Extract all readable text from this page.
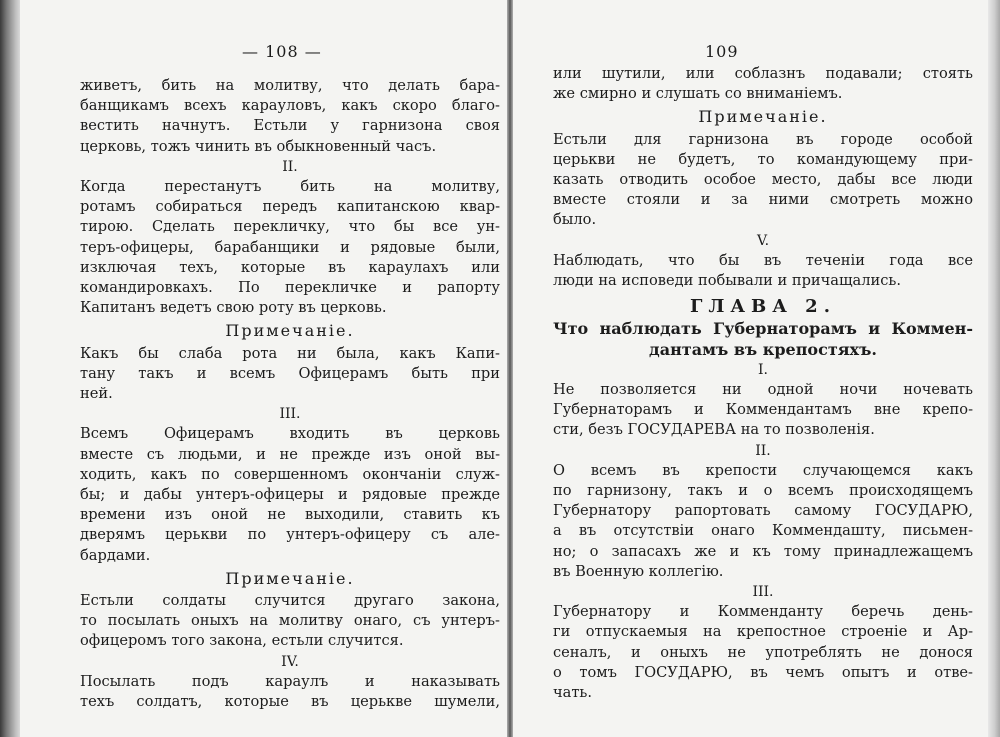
— 108 —
живетъ, бить на молитву, что делать бара-
банщикамъ всехъ карауловъ, какъ скоро благо-
вестить начнутъ. Естьли у гарнизона своя
церковь, тожъ чинить въ обыкновенный часъ.
II.
Когда перестанутъ бить на молитву,
ротамъ собираться передъ капитанскою квар-
тирою. Сделать перекличку, что бы все ун-
теръ-офицеры, барабанщики и рядовые были,
изключая техъ, которые въ караулахъ или
командировкахъ. По перекличке и рапорту
Капитанъ ведетъ свою роту въ церковь.
Примечаніе.
Какъ бы слаба рота ни была, какъ Капи-
тану такъ и всемъ Офицерамъ быть при
ней.
III.
Всемъ Офицерамъ входить въ церковь
вместе съ людьми, и не прежде изъ оной вы-
ходить, какъ по совершенномъ окончаніи служ-
бы; и дабы унтеръ-офицеры и рядовые прежде
времени изъ оной не выходили, ставить къ
дверямъ церькви по унтеръ-офицеру съ але-
бардами.
Примечаніе.
Естьли солдаты случится другаго закона,
то посылать оныхъ на молитву онаго, съ унтеръ-
офицеромъ того закона, естьли случится.
IV.
Посылать подъ караулъ и наказывать
техъ солдатъ, которые въ церькве шумели,
109
или шутили, или соблазнъ подавали; стоять
же смирно и слушать со вниманіемъ.
Примечаніе.
Естьли для гарнизона въ городе особой
церькви не будетъ, то командующему при-
казать отводить особое место, дабы все люди
вместе стояли и за ними смотреть можно
было.
V.
Наблюдать, что бы въ теченіи года все
люди на исповеди побывали и причащались.
ГЛАВА 2.
Что наблюдать Губернаторамъ и Коммен-
дантамъ въ крепостяхъ.
I.
Не позволяется ни одной ночи ночевать
Губернаторамъ и Коммендантамъ вне крепо-
сти, безъ ГОСУДАРЕВА на то позволенія.
II.
О всемъ въ крепости случающемся какъ
по гарнизону, такъ и о всемъ происходящемъ
Губернатору рапортовать самому ГОСУДАРЮ,
а въ отсутствіи онаго Коммендашту, письмен-
но; о запасахъ же и къ тому принадлежащемъ
въ Военную коллегію.
III.
Губернатору и Комменданту беречь день-
ги отпускаемыя на крепостное строеніе и Ар-
сеналъ, и оныхъ не употреблять не донося
о томъ ГОСУДАРЮ, въ чемъ опытъ и отве-
чать.
